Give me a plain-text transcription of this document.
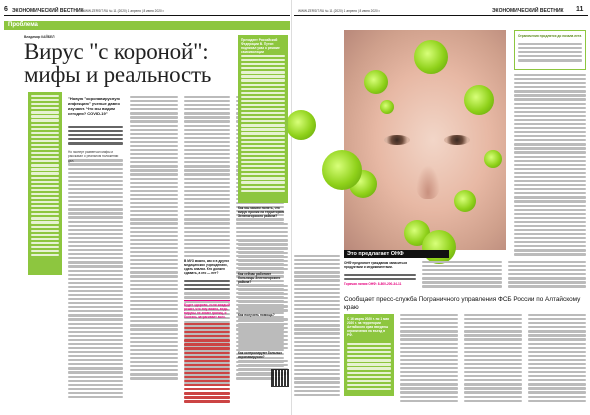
6 ЭКОНОМИЧЕСКИЙ ВЕСТНИК
WWW.ZERSIT.RU № 11 (2020) 1 апреля | 8 июня 2020 г.
Проблема
Владимир КАЙБЕЛ
Вирус "с короной":
мифы и реальность
"Новую "коронавирусную инфекцию" ученые давно изучают. Что мы видим сегодня? COVID-19"
Но эксперт развенчал мифы и рассказал о реальном положении дел.
В МУЗ можно, как и в других медицинских учреждениях, сдать анализ. Кто должен сдавать, а кто — нет?
Будет здорово, если каждый решит, что ему важно, ведь вирусы не знают границ, и болезнь затрагивает всех.
ЭКОНОМИЧЕСКИЙ ВЕСТНИК
WWW.ZERSIT.RU № 11 (2020) 1 апреля | 8 июня 2020 г.	11
Президент Российской Федерации В. Путин подписал указ о режиме самоизоляции
Как мы можем понять, что вирус проник на территорию Зеленогорского района?
Как сейчас работают больницы Зеленогорского района?
Как получить помощь?
Как контролируют больных коронавирусом?
Ограничения продлятся до начала лета
Это предлагает ОНФ
ОНФ предлагает гражданам запаситься продуктами и медикаментами.
Горячая линия ОНФ: 8-800-200-34-11
Сообщает пресс-служба Пограничного управления ФСБ России по Алтайскому краю
С 16 марта 2020 г. по 1 мая 2020 г. на территории Алтайского края введены ограничения на въезд в РФ.
